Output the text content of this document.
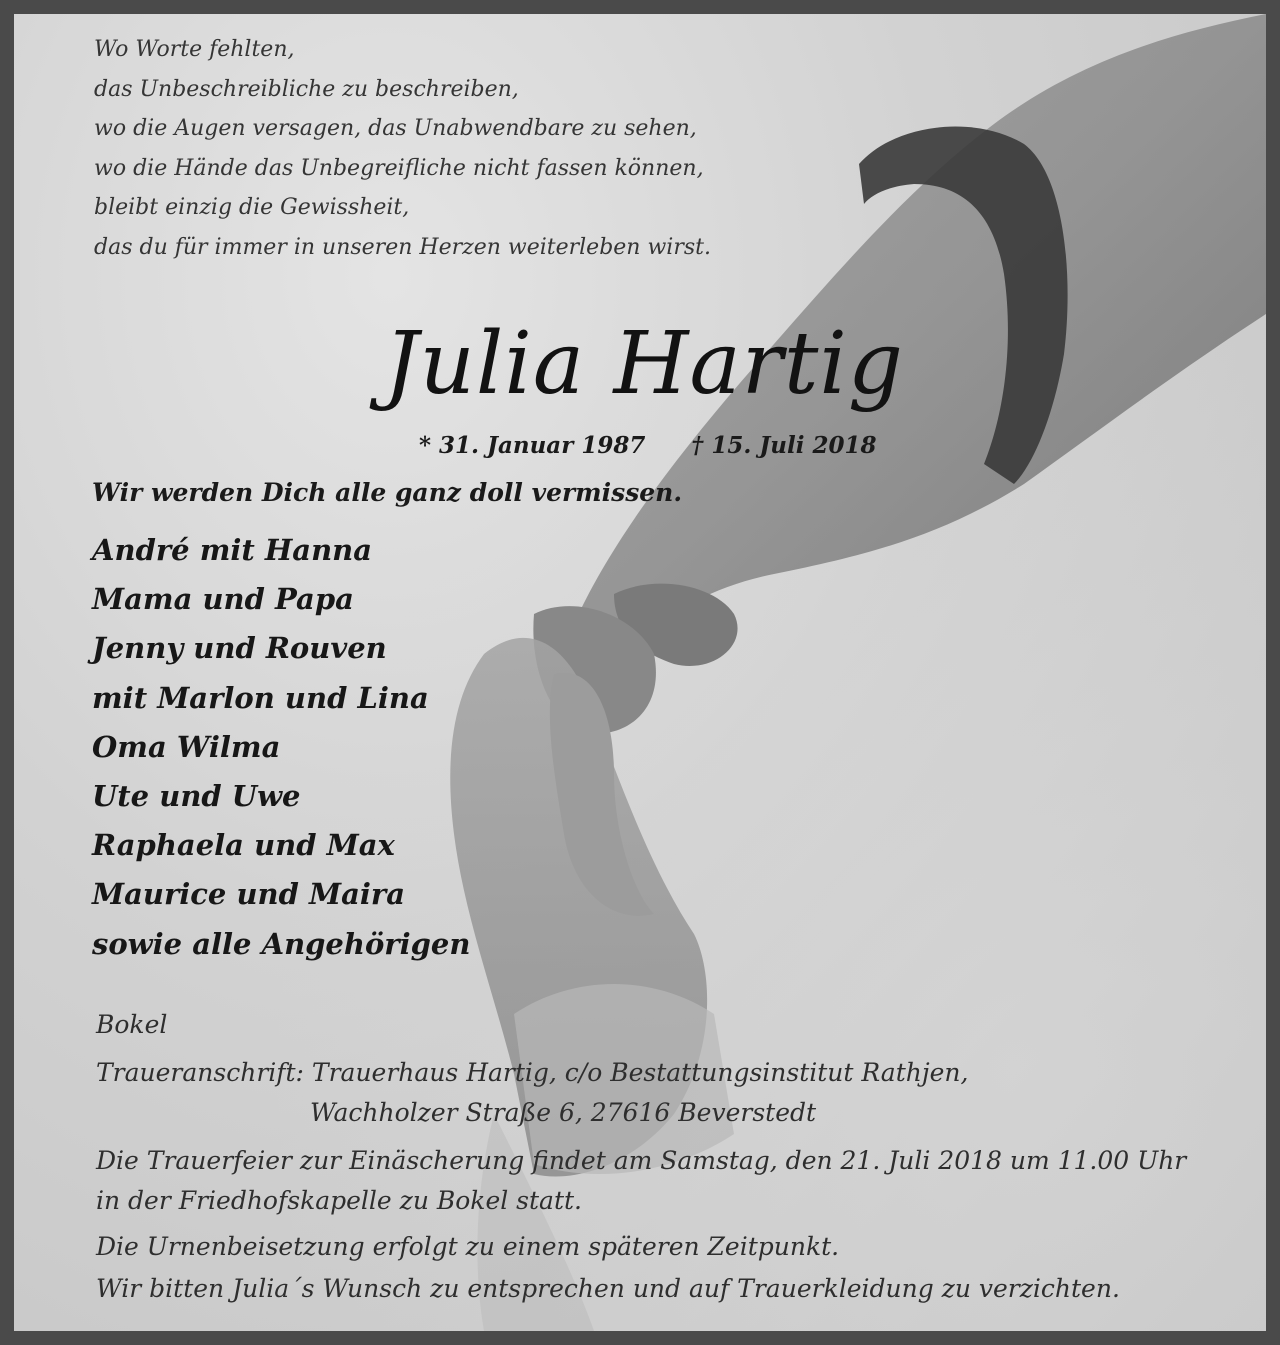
Wo Worte fehlten,
das Unbeschreibliche zu beschreiben,
wo die Augen versagen, das Unabwendbare zu sehen,
wo die Hände das Unbegreifliche nicht fassen können,
bleibt einzig die Gewissheit,
das du für immer in unseren Herzen weiterleben wirst.
Julia Hartig
* 31. Januar 1987 † 15. Juli 2018
Wir werden Dich alle ganz doll vermissen.
André mit Hanna
Mama und Papa
Jenny und Rouven
mit Marlon und Lina
Oma Wilma
Ute und Uwe
Raphaela und Max
Maurice und Maira
sowie alle Angehörigen
Bokel
Traueranschrift: Trauerhaus Hartig, c/o Bestattungsinstitut Rathjen,
Wachholzer Straße 6, 27616 Beverstedt
Die Trauerfeier zur Einäscherung findet am Samstag, den 21. Juli 2018 um 11.00 Uhr
in der Friedhofskapelle zu Bokel statt.
Die Urnenbeisetzung erfolgt zu einem späteren Zeitpunkt.
Wir bitten Julia´s Wunsch zu entsprechen und auf Trauerkleidung zu verzichten.
